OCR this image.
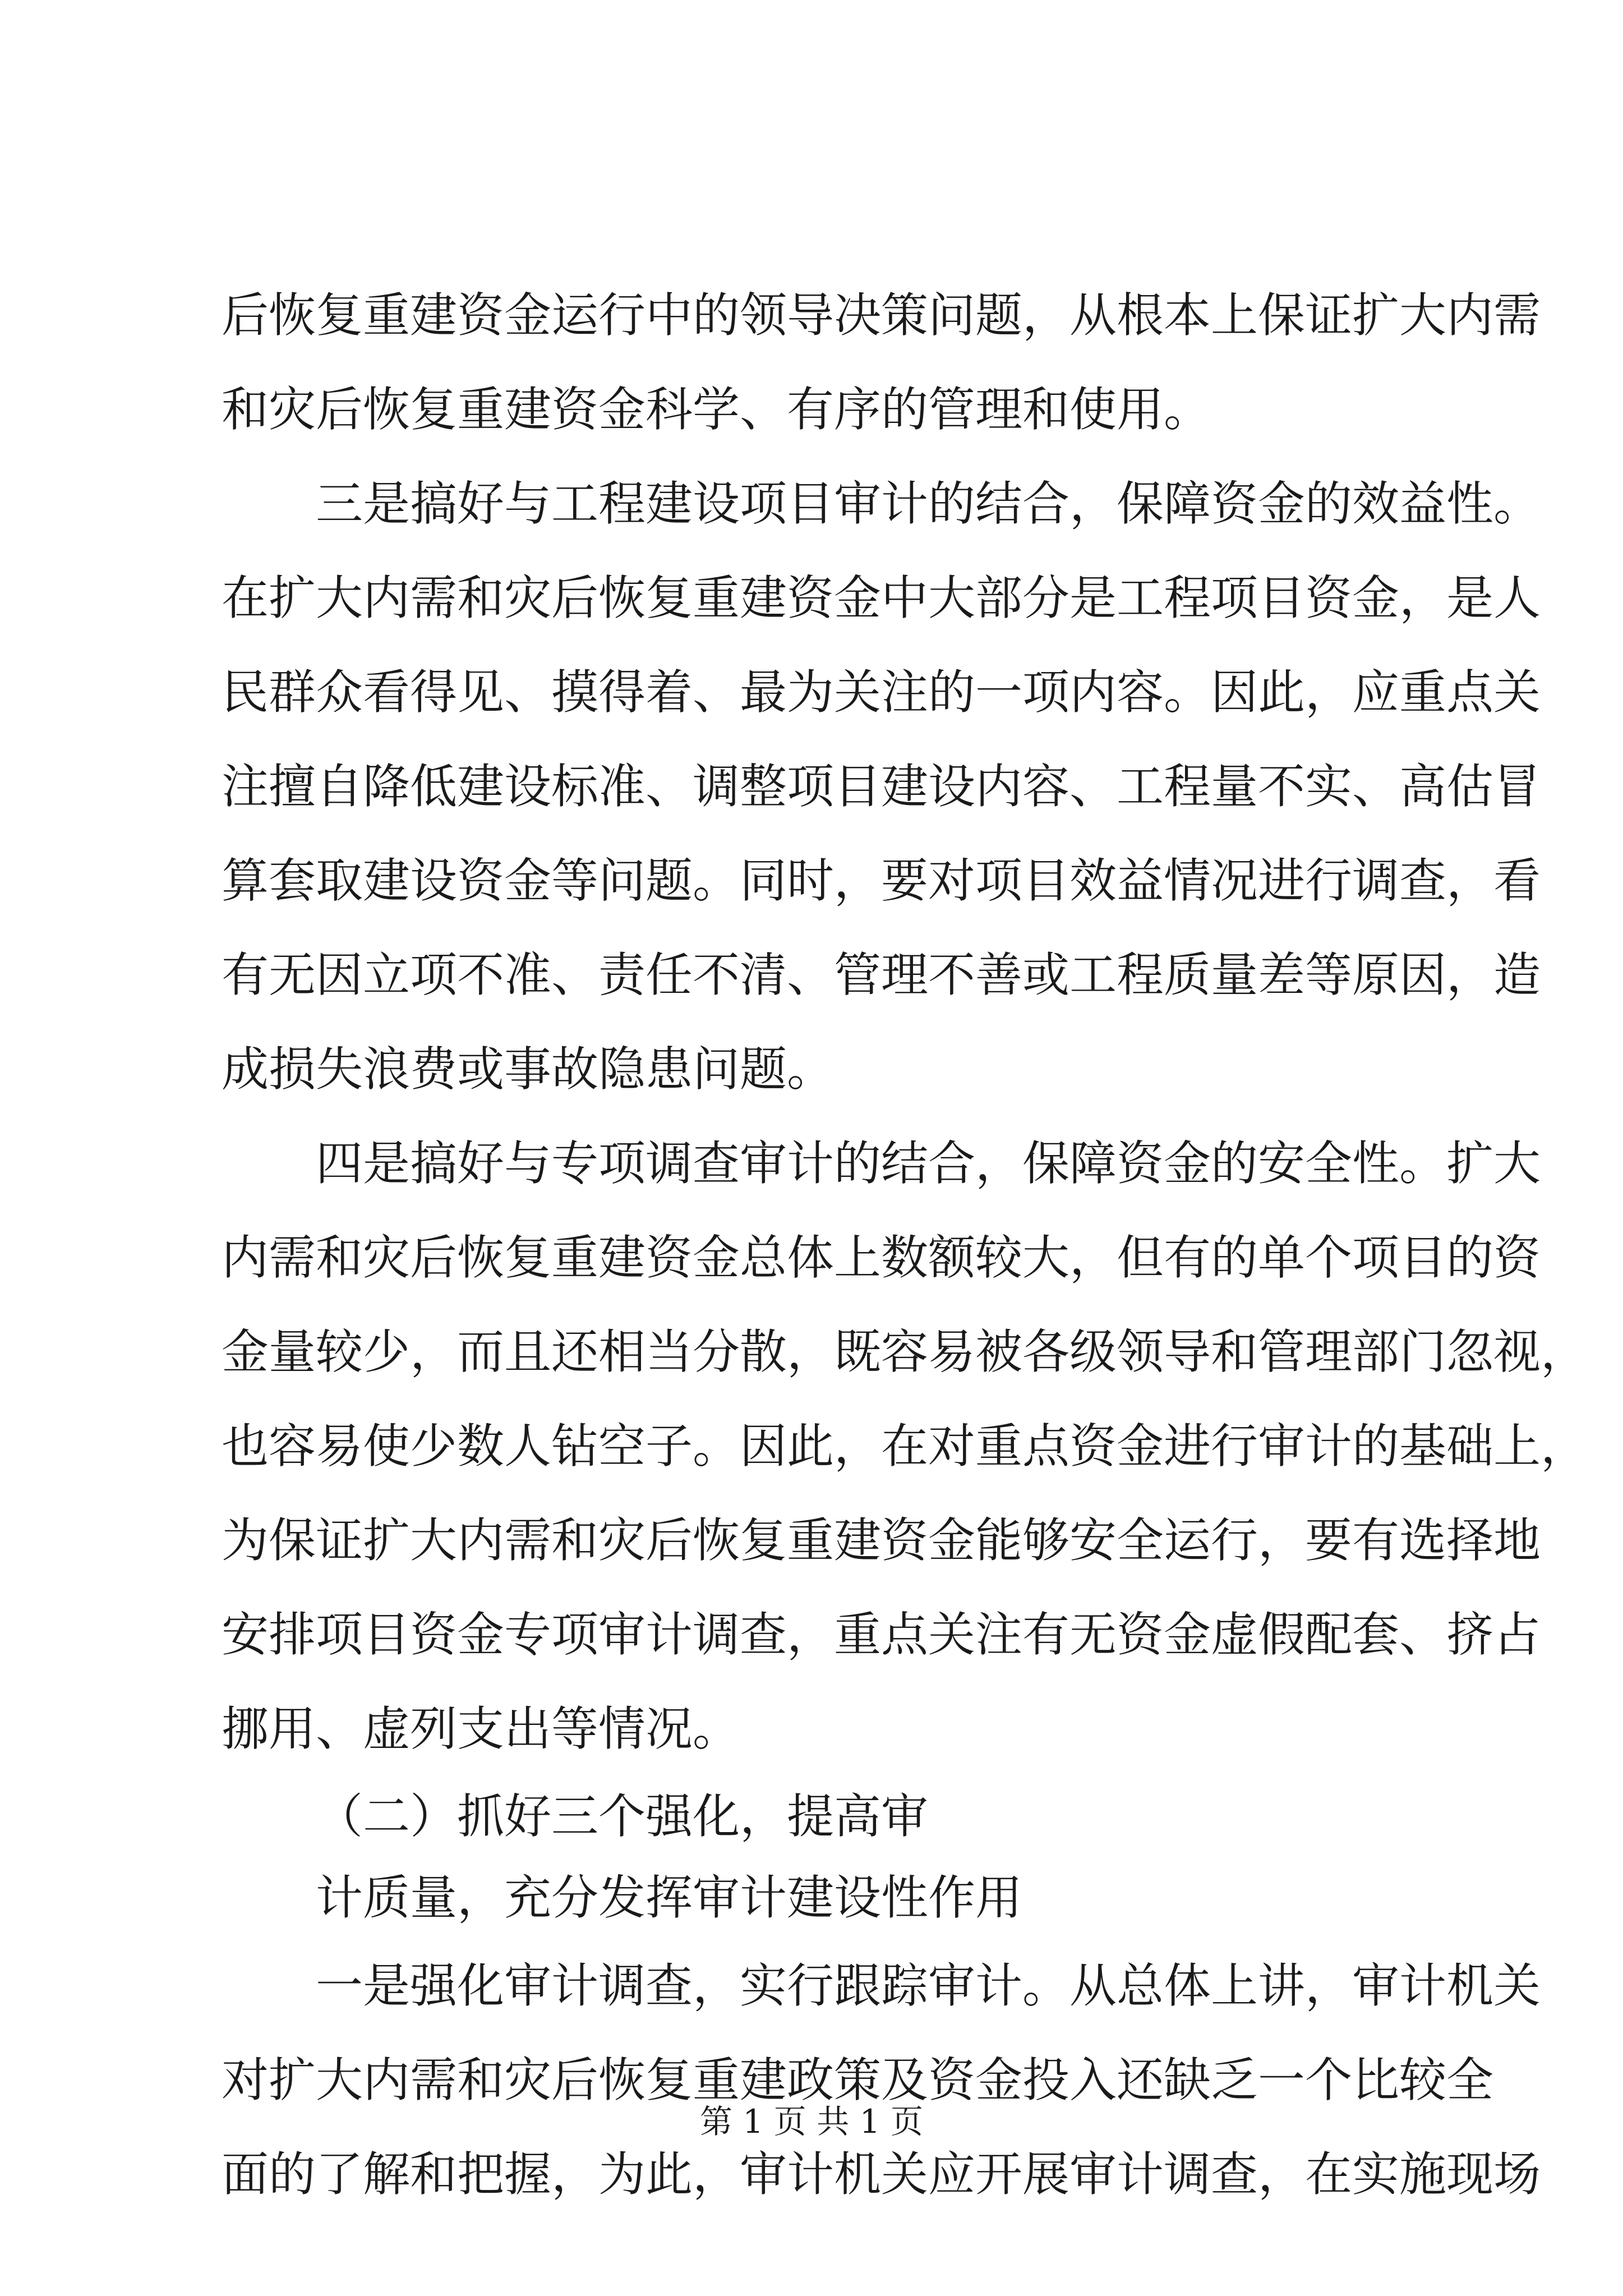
后恢复重建资金运行中的领导决策问题，从根本上保证扩大内需
和灾后恢复重建资金科学、有序的管理和使用。
三是搞好与工程建设项目审计的结合，保障资金的效益性。
在扩大内需和灾后恢复重建资金中大部分是工程项目资金，是人
民群众看得见、摸得着、最为关注的一项内容。因此，应重点关
注擅自降低建设标准、调整项目建设内容、工程量不实、高估冒
算套取建设资金等问题。同时，要对项目效益情况进行调查，看
有无因立项不准、责任不清、管理不善或工程质量差等原因，造
成损失浪费或事故隐患问题。
四是搞好与专项调查审计的结合，保障资金的安全性。扩大
内需和灾后恢复重建资金总体上数额较大，但有的单个项目的资
金量较少，而且还相当分散，既容易被各级领导和管理部门忽视，
也容易使少数人钻空子。因此，在对重点资金进行审计的基础上，
为保证扩大内需和灾后恢复重建资金能够安全运行，要有选择地
安排项目资金专项审计调查，重点关注有无资金虚假配套、挤占
挪用、虚列支出等情况。
（二）抓好三个强化，提高审
计质量，充分发挥审计建设性作用
一是强化审计调查，实行跟踪审计。从总体上讲，审计机关
对扩大内需和灾后恢复重建政策及资金投入还缺乏一个比较全
面的了解和把握，为此，审计机关应开展审计调查，在实施现场
第 1 页 共 1 页
